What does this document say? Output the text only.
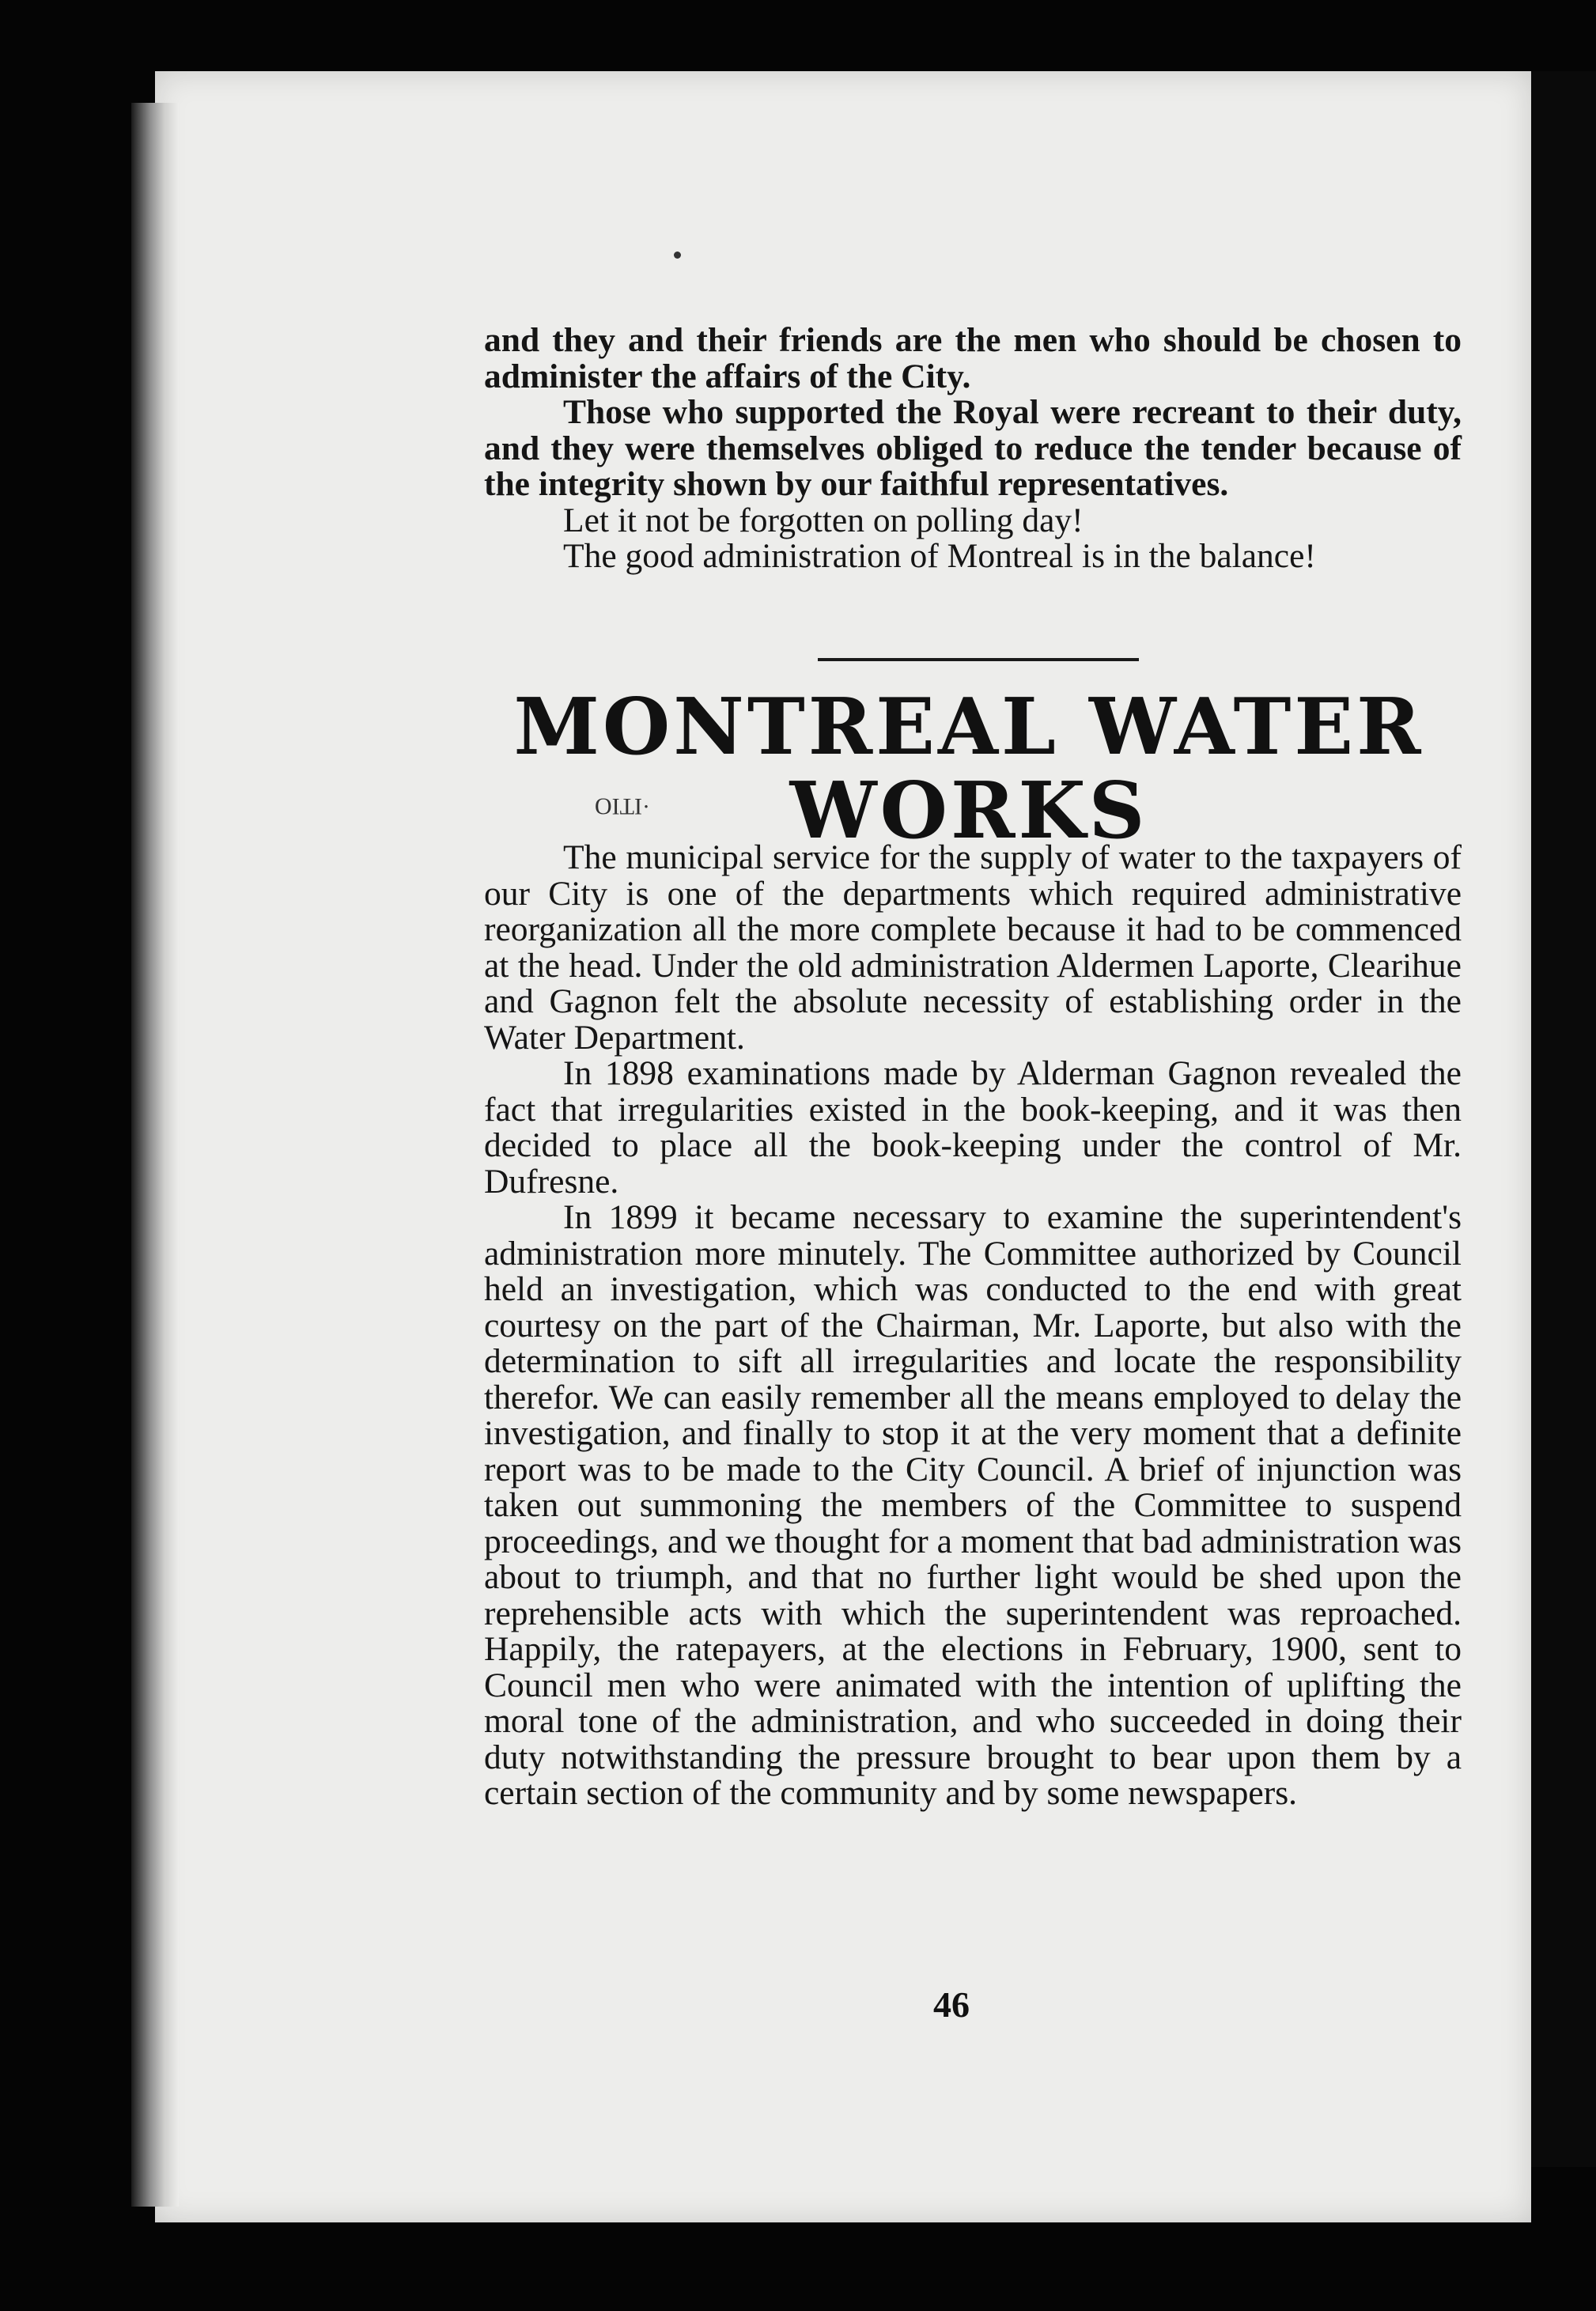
and they and their friends are the men who should be chosen to administer the affairs of the City.

Those who supported the Royal were recreant to their duty, and they were themselves obliged to reduce the tender because of the integrity shown by our faithful representatives.

Let it not be forgotten on polling day!

The good administration of Montreal is in the balance!

MONTREAL WATER
WORKS
·ΙΤΙΟ

The municipal service for the supply of water to the taxpayers of our City is one of the departments which required administrative reorganization all the more complete because it had to be commenced at the head. Under the old administration Aldermen Laporte, Clearihue and Gagnon felt the absolute necessity of establishing order in the Water Department.

In 1898 examinations made by Alderman Gagnon revealed the fact that irregularities existed in the book-keeping, and it was then decided to place all the book-keeping under the control of Mr. Dufresne.

In 1899 it became necessary to examine the superintendent's administration more minutely. The Committee authorized by Council held an investigation, which was conducted to the end with great courtesy on the part of the Chairman, Mr. Laporte, but also with the determination to sift all irregularities and locate the responsibility therefor. We can easily remember all the means employed to delay the investigation, and finally to stop it at the very moment that a definite report was to be made to the City Council. A brief of injunction was taken out summoning the members of the Committee to suspend proceedings, and we thought for a moment that bad administration was about to triumph, and that no further light would be shed upon the reprehensible acts with which the superintendent was reproached. Happily, the ratepayers, at the elections in February, 1900, sent to Council men who were animated with the intention of uplifting the moral tone of the administration, and who succeeded in doing their duty notwithstanding the pressure brought to bear upon them by a certain section of the community and by some newspapers.

46
